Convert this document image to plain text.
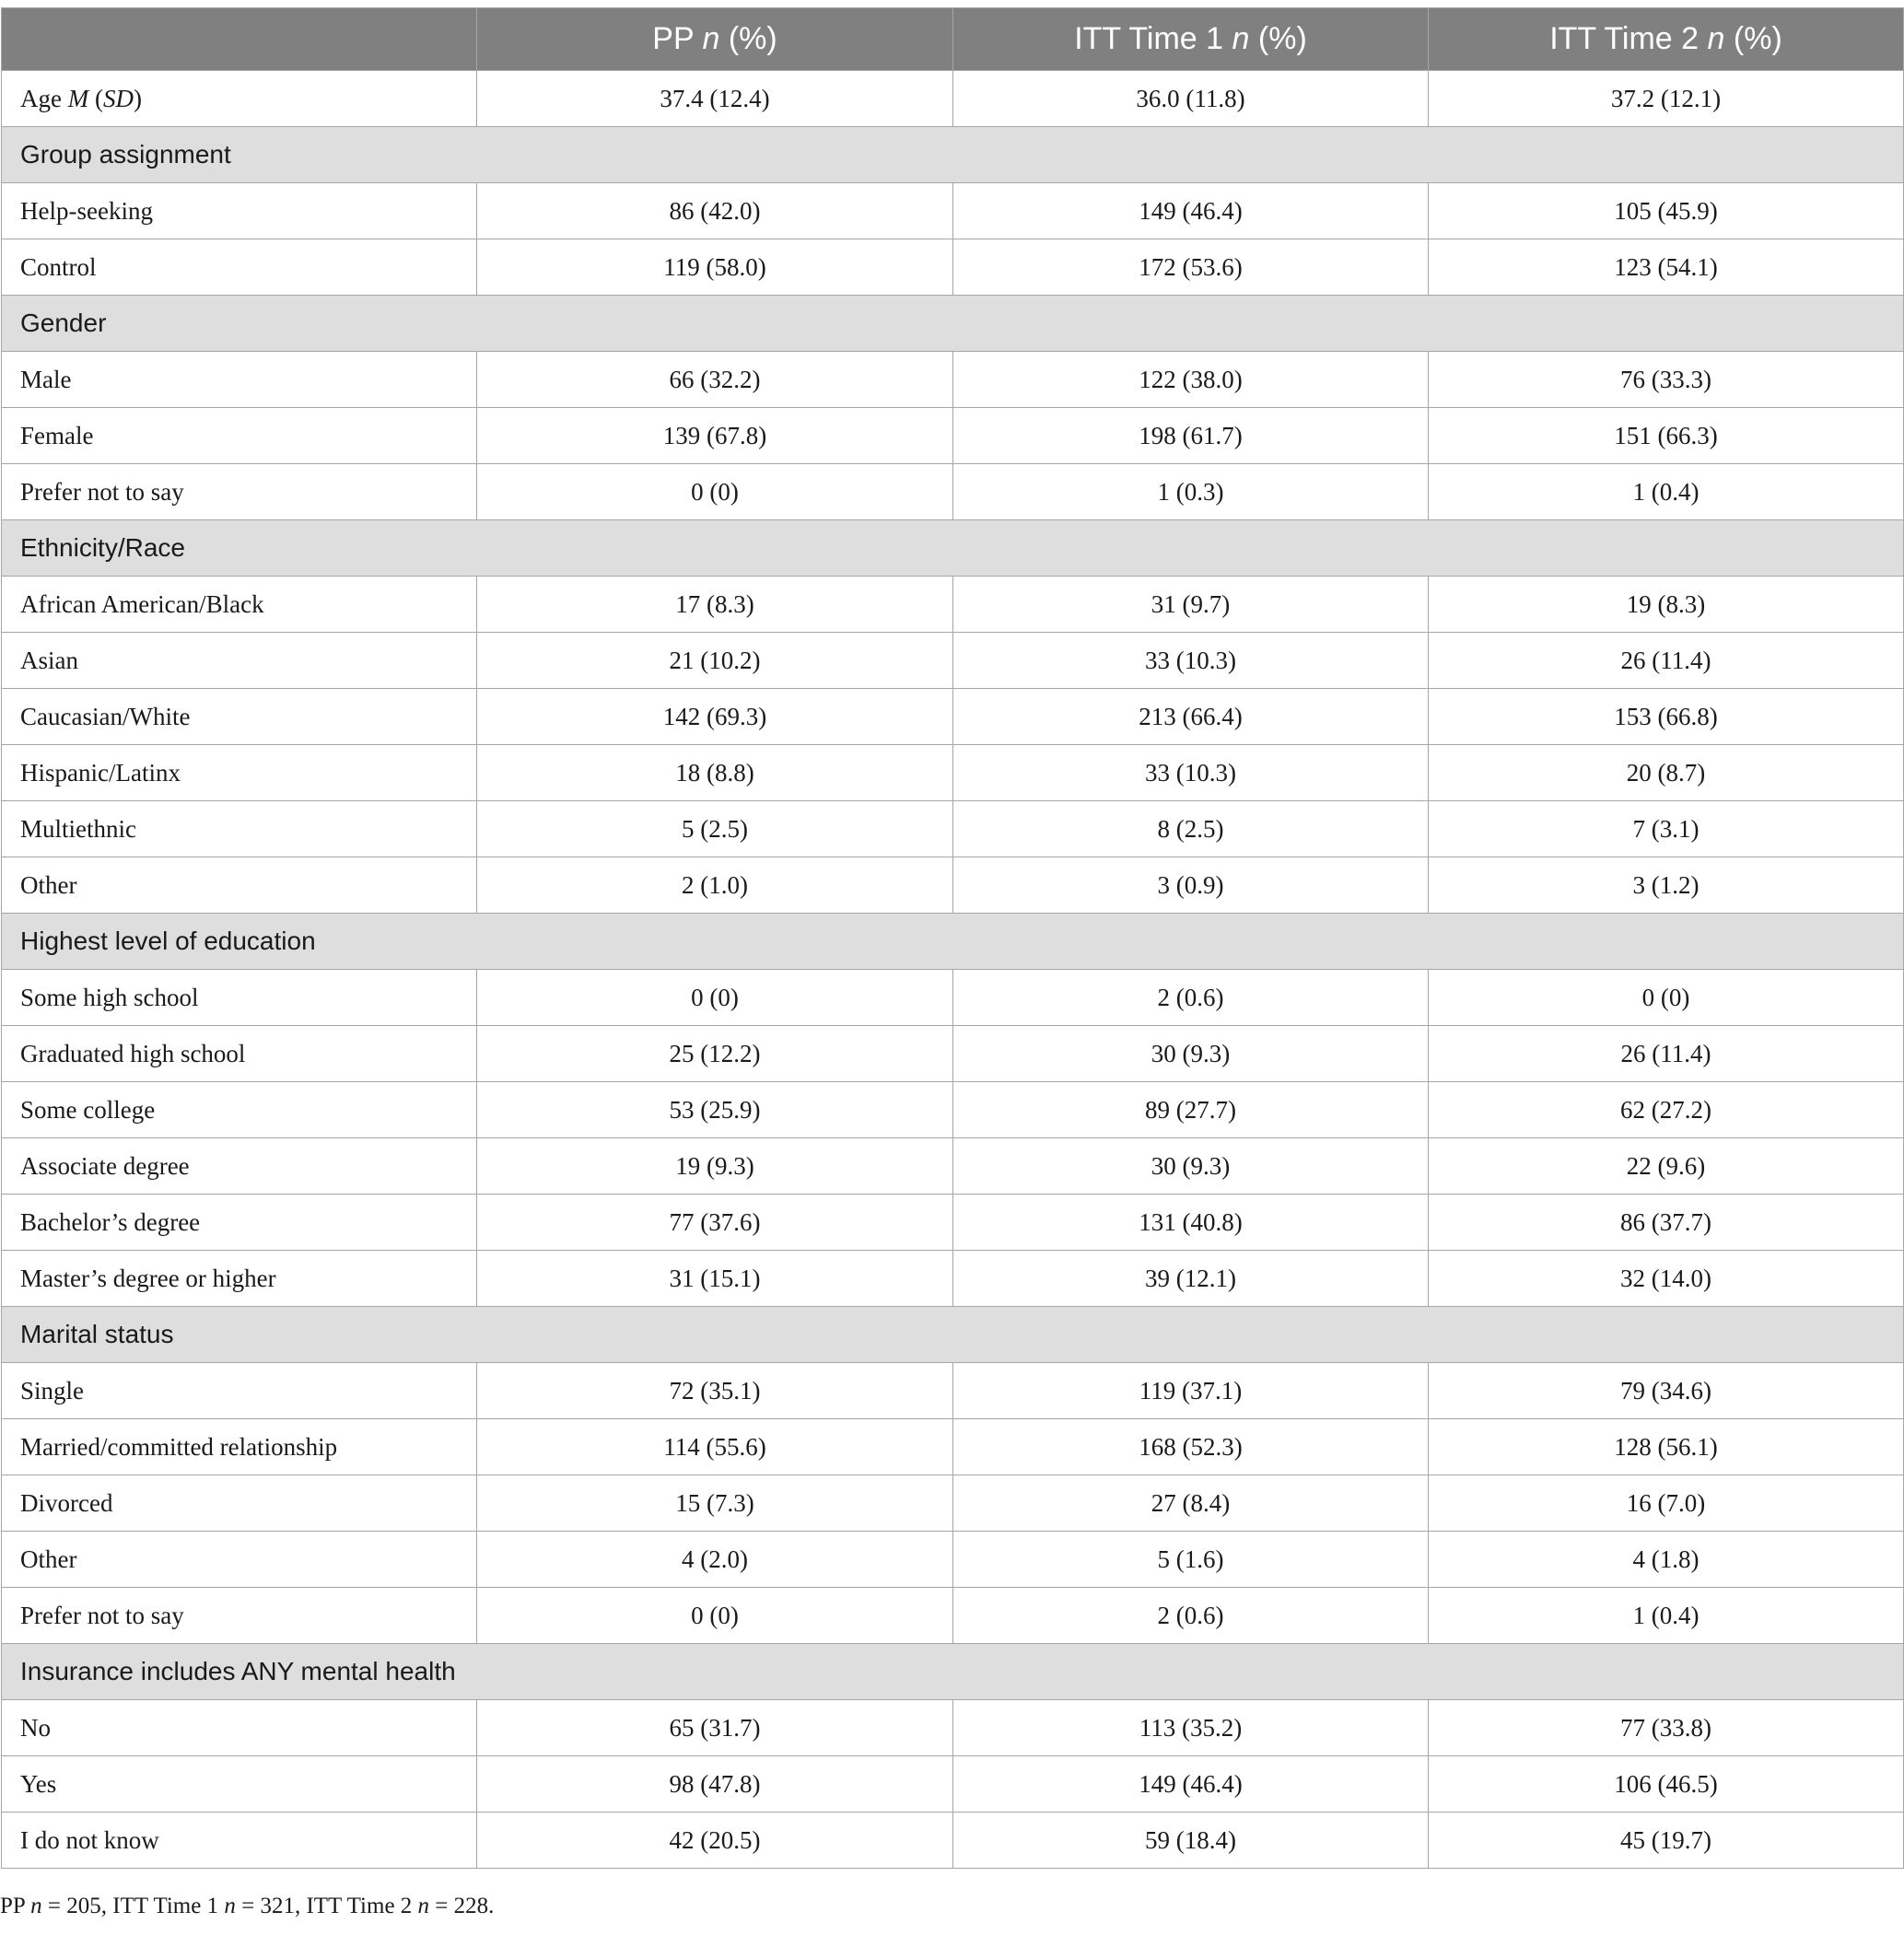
	PP n (%)	ITT Time 1 n (%)	ITT Time 2 n (%)
Age M (SD)	37.4 (12.4)	36.0 (11.8)	37.2 (12.1)
Group assignment			
Help-seeking	86 (42.0)	149 (46.4)	105 (45.9)
Control	119 (58.0)	172 (53.6)	123 (54.1)
Gender			
Male	66 (32.2)	122 (38.0)	76 (33.3)
Female	139 (67.8)	198 (61.7)	151 (66.3)
Prefer not to say	0 (0)	1 (0.3)	1 (0.4)
Ethnicity/Race			
African American/Black	17 (8.3)	31 (9.7)	19 (8.3)
Asian	21 (10.2)	33 (10.3)	26 (11.4)
Caucasian/White	142 (69.3)	213 (66.4)	153 (66.8)
Hispanic/Latinx	18 (8.8)	33 (10.3)	20 (8.7)
Multiethnic	5 (2.5)	8 (2.5)	7 (3.1)
Other	2 (1.0)	3 (0.9)	3 (1.2)
Highest level of education			
Some high school	0 (0)	2 (0.6)	0 (0)
Graduated high school	25 (12.2)	30 (9.3)	26 (11.4)
Some college	53 (25.9)	89 (27.7)	62 (27.2)
Associate degree	19 (9.3)	30 (9.3)	22 (9.6)
Bachelor’s degree	77 (37.6)	131 (40.8)	86 (37.7)
Master’s degree or higher	31 (15.1)	39 (12.1)	32 (14.0)
Marital status			
Single	72 (35.1)	119 (37.1)	79 (34.6)
Married/committed relationship	114 (55.6)	168 (52.3)	128 (56.1)
Divorced	15 (7.3)	27 (8.4)	16 (7.0)
Other	4 (2.0)	5 (1.6)	4 (1.8)
Prefer not to say	0 (0)	2 (0.6)	1 (0.4)
Insurance includes ANY mental health			
No	65 (31.7)	113 (35.2)	77 (33.8)
Yes	98 (47.8)	149 (46.4)	106 (46.5)
I do not know	42 (20.5)	59 (18.4)	45 (19.7)
PP n = 205, ITT Time 1 n = 321, ITT Time 2 n = 228.
